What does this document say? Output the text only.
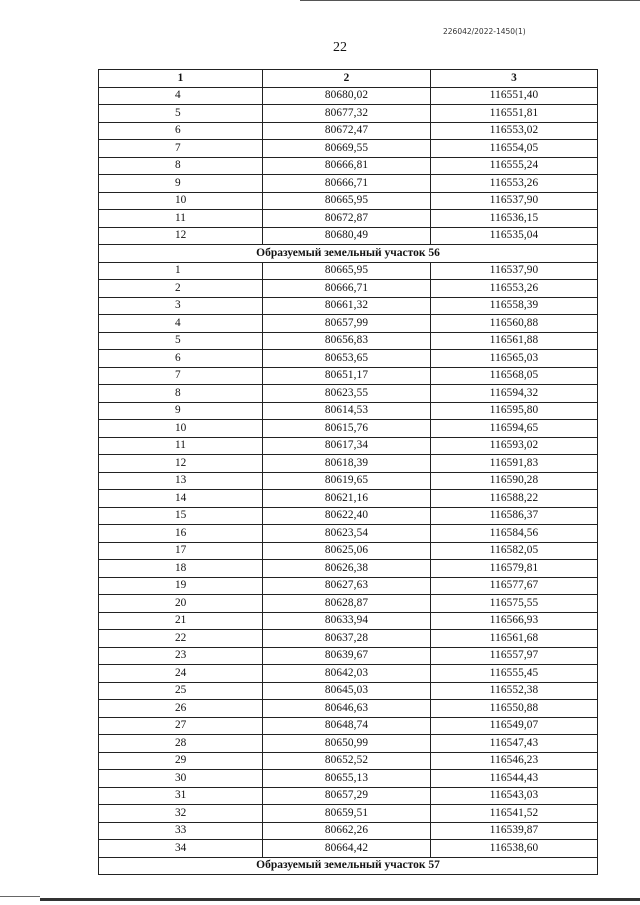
226042/2022-1450(1)
22
1	2	3
4	80680,02	116551,40
5	80677,32	116551,81
6	80672,47	116553,02
7	80669,55	116554,05
8	80666,81	116555,24
9	80666,71	116553,26
10	80665,95	116537,90
11	80672,87	116536,15
12	80680,49	116535,04
Образуемый земельный участок 56		
1	80665,95	116537,90
2	80666,71	116553,26
3	80661,32	116558,39
4	80657,99	116560,88
5	80656,83	116561,88
6	80653,65	116565,03
7	80651,17	116568,05
8	80623,55	116594,32
9	80614,53	116595,80
10	80615,76	116594,65
11	80617,34	116593,02
12	80618,39	116591,83
13	80619,65	116590,28
14	80621,16	116588,22
15	80622,40	116586,37
16	80623,54	116584,56
17	80625,06	116582,05
18	80626,38	116579,81
19	80627,63	116577,67
20	80628,87	116575,55
21	80633,94	116566,93
22	80637,28	116561,68
23	80639,67	116557,97
24	80642,03	116555,45
25	80645,03	116552,38
26	80646,63	116550,88
27	80648,74	116549,07
28	80650,99	116547,43
29	80652,52	116546,23
30	80655,13	116544,43
31	80657,29	116543,03
32	80659,51	116541,52
33	80662,26	116539,87
34	80664,42	116538,60
Образуемый земельный участок 57		
